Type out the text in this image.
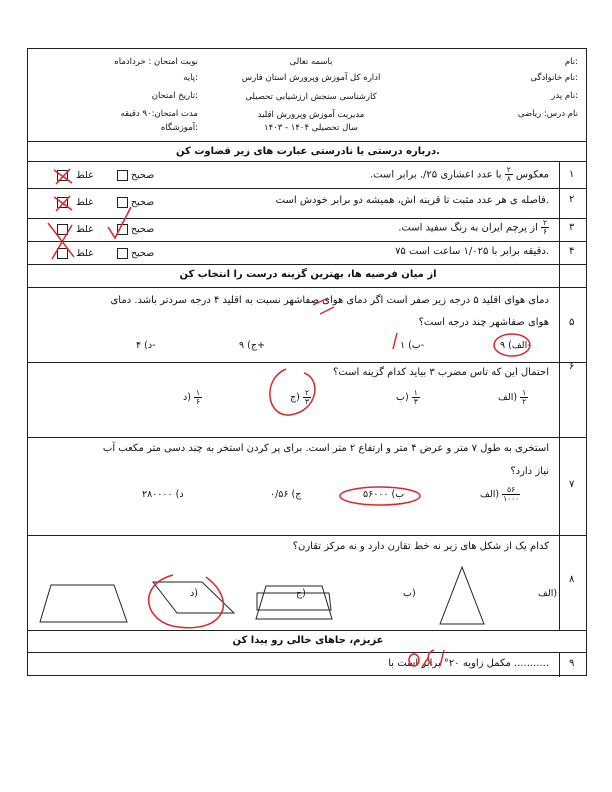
نام:
نام خانوادگی:
نام پدر:
نام درس: ریاضی
باسمه تعالی
اداره کل آموزش وپرورش استان فارس
کارشناسی سنجش ارزشیابی تحصیلی
مدیریت آموزش وپرورش اقلید
سال تحصیلی ۱۴۰۴ - ۱۴۰۳
نوبت امتحان : خردادماه
پایه:
تاریخ امتحان:
مدت امتحان:۹۰ دقیقه
آموزشگاه:
درباره درستی یا نادرستی عبارت های زیر قضاوت کن.
۱
معکوس
$\frac{۲}{۸}$
با عدد اعشاری ۲۵/. برابر است.
۲
فاصله ی هر عدد مثبت تا قرینه اش، همیشه دو برابر خودش است.
۳
$\frac{۲}{۶}$
از پرچم ایران به رنگ سفید است.
۴
۷۵ دقیقه برابر با ۱/۰۲۵ ساعت است.
صحیح
غلط
صحیح
غلط
صحیح
غلط
صحیح
غلط
از میان فرضیه ها، بهترین گزینه درست را انتخاب کن
۵
دمای هوای اقلید ۵ درجه زیر صفر است اگر دمای هوای صفاشهر نسبت به اقلید ۴ درجه سردتر باشد. دمای
هوای صفاشهر چند درجه است؟
الف) ۹-
ب) ۱-
ج) ۹+
د) ۴-
۶
احتمال این که تاس مضرب ۳ بیاید کدام گزینه است؟
الف) $\frac{۱}{۲}$
ب) $\frac{۱}{۳}$
ج) $\frac{۲}{۳}$
د) $\frac{۱}{۶}$
۷
استخری به طول ۷ متر و عرض ۴ متر و ارتفاع ۲ متر است. برای پر کردن استخر به چند دسی متر مکعب آب
نیاز دارد؟
الف) $\frac{۵۶}{۱۰۰۰}$
ب) ۵۶۰۰۰
ج) ۰/۵۶
د) ۲۸۰۰۰۰
۸
کدام یک از شکل های زیر نه خط تقارن دارد و نه مرکز تقارن؟
الف)
ب)
ج)
د)
عزیزم، جاهای خالی رو پیدا کن
۹
مکمل زاویه ۲۰° برابر است با ...........
